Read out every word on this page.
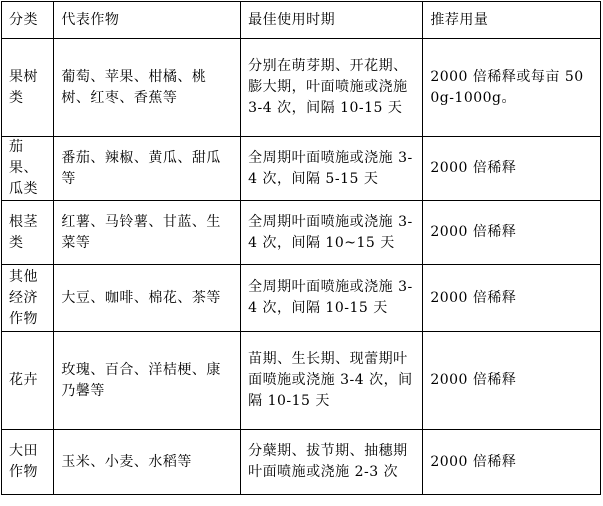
分类	代表作物	最佳使用时期	推荐用量
果树类	葡萄、苹果、柑橘、桃树、红枣、香蕉等	分别在萌芽期、开花期、膨大期，叶面喷施或浇施 3-4 次，间隔 10-15 天	2000 倍稀释或每亩 500g-1000g。
茄果、瓜类	番茄、辣椒、黄瓜、甜瓜等	全周期叶面喷施或浇施 3-4 次，间隔 5-15 天	2000 倍稀释
根茎类	红薯、马铃薯、甘蓝、生菜等	全周期叶面喷施或浇施 3-4 次，间隔 10~15 天	2000 倍稀释
其他经济作物	大豆、咖啡、棉花、茶等	全周期叶面喷施或浇施 3-4 次，间隔 10-15 天	2000 倍稀释
花卉	玫瑰、百合、洋桔梗、康乃馨等	苗期、生长期、现蕾期叶面喷施或浇施 3-4 次，间隔 10-15 天	2000 倍稀释
大田作物	玉米、小麦、水稻等	分蘖期、拔节期、抽穗期叶面喷施或浇施 2-3 次	2000 倍稀释
